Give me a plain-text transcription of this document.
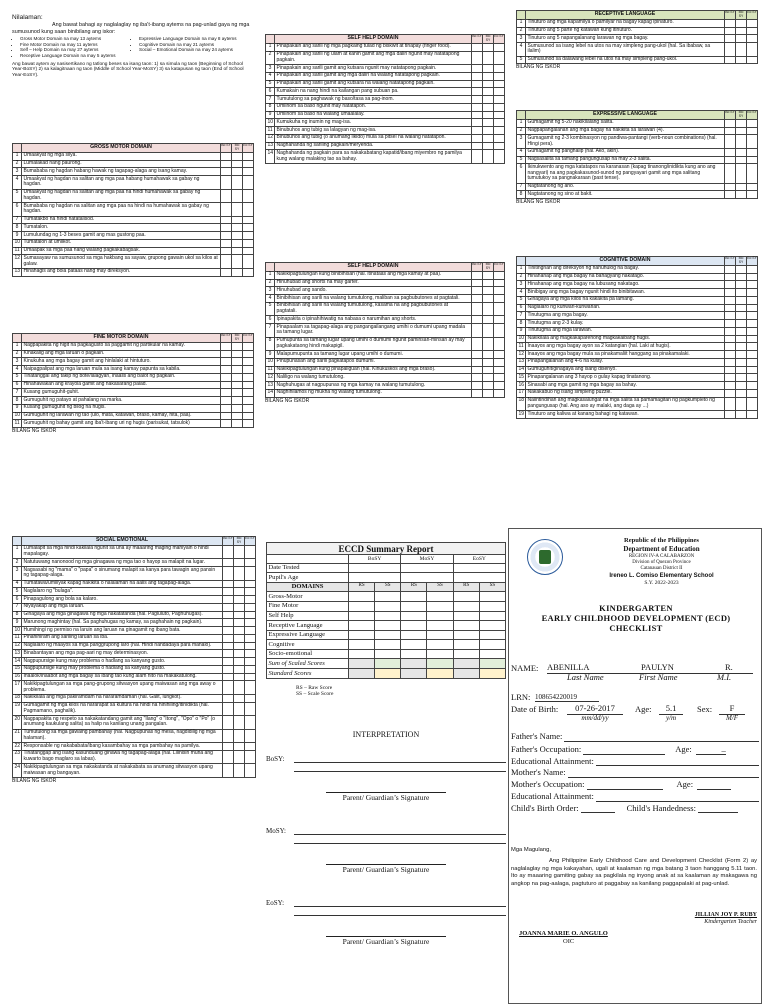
Nilalaman:
Ang bawat bahagi ay naglalaglay ng iba't-ibang aytems na pag-unlad gaya ng mga sumusunod kung saan binibilang ang iskor:
• Gross Motor Domain na may 13 aytems
• Fine Motor Domain na may 11 aytems
• Self – Help Domain na may 27 aytems
• Receptive Language Domain na may 5 aytems
• Expressive Language Domain na may 8 aytems
• Cognitive Domain na may 21 aytems
• Social – Emotional Domain na may 24 aytems
Ang bawat aytem ay nasisertikano ng tatlong beses sa isang taon: 1) sa simula ng taon (Beginning of School Year-BoSY) 2) sa kalagitnaan ng taon (Middle of School Year-MoSY) 3) sa katapusan ng taon (End of School Year-EoSY).
	GROSS MOTOR DOMAIN	Bo SY	Mo SY	Eo SY
1	Umaakyat ng mga silya.			
2	Lumalakad nang paurong.			
3	Bumababa ng hagdan habang hawak ng tagapag-alaga ang isang kamay.			
4	Umaakyat ng hagdan na salitan ang mga paa habang humahawak sa gabay ng hagdan.			
5	Umaakyat ng hagdan na salitan ang mga paa na hindi humahawak sa gabay ng hagdan.			
6	Bumababa ng hagdan na salitan ang mga paa na hindi na humahawak sa gabay ng hagdan.			
7	Tumatakbo na hindi natatalisod.			
8	Tumatalon.			
9	Lumulundag ng 1-3 beses gamit ang mas gustong paa.			
10	Tumatalon at umiikot.			
11	Umaapak sa mga paa nang walang pagkakabagsak.			
12	Sumasayaw na sumusunod sa mga hakbang sa sayaw, grupong gawain ukol sa kilos at galaw.			
13	Hinahagis ang bola pataas nang may direksyon.			
	FINE MOTOR DOMAIN	Bo SY	Mo SY	Eo SY
1	Nagpapakita ng higit na pagkagusto sa paggamit ng partikular na kamay.			
2	Kinakalig ang mga laruan o pagkain.			
3	Kinukuha ang mga bagay gamit ang hinlalaki at hintuturo.			
4	Naipagpalipat ang mga laruan mula sa isang kamay papunta sa kabila.			
5	Tinatanggal ang takip ng bote/lalagyan, inaalis ang balot ng pagkain.			
6	Hinahawakan ang krayola gamit ang nakasarang palad.			
7	Kusang gumuguhit-guhit.			
8	Gumuguhit ng patayo at pahalang na marka.			
9	Kusang gumuguhit ng bilog na hugis.			
10	Gumuguhit ng larawan ng tao (ulo, mata, katawan, braso, kamay, hita, paa).			
11	Gumuguhit ng bahay gamit ang iba't-ibang uri ng hugis (parisukat, tatsulok)			
BILANG NG ISKOR
	SELF HELP DOMAIN	Bo SY	Mo SY	Eo SY
1	Pinapakain ang sarili ng mga pagkaing tulad ng biskwit at tinapay (finger food).			
2	Pinapakain ang sarili ng ulam at kanin gamit ang mga daliri ngunit may natatapong pagkain.			
3	Pinapakain ang sarili gamit ang kutsara ngunit may natatapong pagkain.			
4	Pinapakain ang sarili gamit ang mga daliri na walang natatapong pagkain.			
5	Pinapakain ang sarili gamit ang kutsara na walang natatapong pagkain.			
6	Kumakain na nang hindi na kailangan pang subuan pa.			
7	Tumutulong sa paghawak ng baso/tasa sa pag-inom.			
8	Umiinom sa baso ngunit may natatapon.			
9	Umiinom sa baso na walang umaalalay.			
10	Kumukuha ng inumin ng mag-isa.			
11	Binubuhos ang tubig sa lalagyan ng mag-isa.			
12	Binubuhos ang tubig (o anumang likido) mula sa pitsel na walang natatapon.			
13	Naghahanda ng sariling pagkain/meryenda.			
14	Naghahanda ng pagkain para sa nakakabatang kapatid/ibang miyembro ng pamilya kung walang malaking tao sa bahay.			
	SELF HELP DOMAIN	Bo SY	Mo SY	Eo SY
1	Nakikipagtulungan kung binibihisan (hal. itinataas ang mga kamay at paa).			
2	Hinuhubad ang shorts na may garter.			
3	Hinuhubad ang sando.			
4	Binibihisan ang sarili na walang tumutulong, maliban sa pagbubutones at pagtatali.			
5	Binibihisan ang sarili na walang tumutulong, kasama na ang pagbubutones at pagtatali.			
6	Ipinapakita o ipinahihiwatig na nabasa o narumihan ang shorts.			
7	Pinapaalam sa tagapag-alaga ang pangangailangang umihi o dumumi upang madala sa tamang lugar.			
8	Pumupunta sa tamang lugar upang umihi o dumumi ngunit paminsan-minsan ay may pagkakataong hindi makapigil.			
9	Malapumupunta sa tamang lugar upang umihi o dumumi.			
10	Pinupunasan ang sarili pagkatapos dumumi.			
11	Nakikipagtulungan kung pinapaliguan (hal. Kinukuskos ang mga braso).			
12	Naliligo na walang tumutulong.			
13	Naghuhugas at nagpupunas ng mga kamay na walang tumutulong.			
14	Naghihilamos ng mukha ng walang tumutulong.			
BILANG NG ISKOR
	RECEPTIVE LANGUAGE	Bo SY	Mo SY	Eo SY
1	Tinuturo ang mga kapamilya o pamilyar na bagay kapag ipinaturo.			
2	Tinuturo ang 5 parte ng katawan kung itinuturo.			
3	Tinuturo ang 5 napangalanang larawan ng mga bagay.			
4	Sumusunod sa isang lebel na utos na may simpleng pang-ukol (hal. Sa ibabaw, sa ilalim)			
5	Sumusunod sa dalawang lebel na utos na may simpleng pang-ukol.			
BILANG NG ISKOR
	EXPRESSIVE LANGUAGE	Bo SY	Mo SY	Eo SY
1	Gumagamit ng 5-20 nakikilalang salita.			
2	Nagpapangalanan ang mga bagay na nakikita sa larawan (4).			
3	Gumagamit ng 2-3 kombinasyon ng pandiwa-pantangi (verb-noun combinations) (hal. Hingi pera).			
4	Gumagamit ng panghalip (hal. Ako, akin).			
5	Nagsasalita sa tamang pangungusap na may 2-3 salita.			
6	Ikinukwento ang mga katatapos na karanasan (kapag tinanong/inidikta kung ano ang nangyari) na ang pagkakasunod-sunod ng pangyayari gamit ang mga salitang tumutukoy sa pangnakaraan (past tense).			
7	Nagtatanong ng ano.			
8	Nagtatanong ng sino at bakit.			
BILANG NG ISKOR
	COGNITIVE DOMAIN	Bo SY	Mo SY	Eo SY
1	Tinitingnan ang direksyon ng nahuhulog na bagay.			
2	Hinahanap ang mga bagay na bahagyang nakatago.			
3	Hinahanap ang mga bagay na lubusang nakatago.			
4	Binibigay ang mga bagay ngunit hindi ito binibitawan.			
5	Ginagaya ang mga kilos na kakakita pa lamang.			
6	Naglalaro ng kunwari-kunwarian.			
7	Tinutugma ang mga bagay.			
8	Tinutugma ang 2-3 kulay.			
9	Tinutugma ang mga larawan.			
10	Nakikilala ang magkakaparehong magkakaibang hugis.			
11	Inaayos ang mga bagay ayon sa 2 katangian (hal. Laki at hugis).			
12	Inaayos ang mga bagay mula sa pinakamaliit hanggang sa pinakamalaki.			
13	Pinapangalanan ang 4-6 na kulay.			
14	Gumuguhit/ginagaya ang isang disenyo.			
15	Pinapangalanan ang 3 hayop o gulay kapag tinatanong.			
16	Sinasabi ang mga gamit ng mga bagay sa bahay.			
17	Nakakabuo ng isang simpleng puzzle.			
18	Naiintindihan ang magkasalungat na mga salita sa pamamagitan ng pagkumpleto ng pangungusap (hal. Ang aso ay malaki, ang daga ay ...)			
19	Tinuturo ang kaliwa at kanang bahagi ng katawan.			
	SOCIAL EMOTIONAL	Bo SY	Mo SY	Eo SY
1	Lumalapit sa mga hindi kakilala ngunit sa una ay maaaring maging mahiyain o hindi mapalagay.			
2	Natutuwang nanonood ng mga ginagawa ng mga tao o hayop sa malapit na lugar.			
3	Nagsasabi ng "mama" o "papa" o sinumang malapit sa kanya para tawagin ang pansin ng tagapag-alaga.			
4	Tumatawa/umiiiyak kapag nakikita o nalalaman na aalis ang tagapag-alaga.			
5	Naglalaro ng "bulaga".			
6	Pinapagulong ang bola sa kalaro.			
7	Niyayakap ang mga laruan.			
8	Ginagaya ang mga ginagawa ng mga nakatatanda (hal. Pagluluto, Paghuhugas).			
9	Marunong maghintay (hal. Sa paghuhugas ng kamay, sa paghahain ng pagkain).			
10	Humihingi ng permiso na laruin ang laruan na ginagamit ng ibang bata.			
11	Pinahihiram ang sariling laruan sa iba.			
12	Naglalaro ng maayos sa mga panggrupong laro (hal. Hindi nandadaya para manalo).			
13	Binabantayan ang mga pag-aari ng may determinasyon.			
14	Nagpupursige kung may problema o hadlang sa kanyang gusto.			
15	Nagpupursige kung may problema o hadlang sa kanyang gusto.			
16	Inaalok/inaabot ang mga bagay sa ibang tao kung alam nito na makakatulong.			
17	Nakikipagtulungan sa mga pang-grupong sitwasyon upang maiwasan ang mga away o problema.			
18	Nakikilala ang mga pakiramdam na nararamdaman (hal. Galit, lungkot).			
19	Gumagamit ng mga kilos na nararapat sa kultura na hindi na hinihiling/itinidikta (hal. Pagmamano, paghalik).			
20	Nagpapakita ng respeto sa nakakatandang gamit ang "Ilang" o "Itong", "Opo" o "Po" (o anumang kaukulang salita) sa halip na kanilang unang pangalan.			
21	Tumutulong sa mga gawaing pambahay (hal. Nagpupunas ng mesa, nagdidilig ng mga halaman).			
22	Responsable ng nakababata/ibang kasambahay sa mga pambahay na pamilya.			
23	Tinatanggap ang isang kasunduang ginawa ng tagapag-alaga (hal. Lilinisin muna ang kuwarto bago maglaro sa labas).			
24	Nakikipagtulungan sa mga nakakatanda at nakakabata sa anumang sitwasyon upang maiwasan ang bangayan.			
BILANG NG ISKOR
ECCD Summary Report						
	BoSY		MoSY		EoSY	
Date Tested						
Pupil's Age						
DOMAINS	RS	SS	RS	SS	RS	SS
Gross-Motor						
Fine Motor						
Self Help						
Receptive Language						
Expressive Language						
Cognitive						
Socio-emotional						
Sum of Scaled Scores						
Standard Scores						
RS – Raw Score
SS – Scale Score
INTERPRETATION
BoSY:
Parent/ Guardian’s Signature
MoSY:
Parent/ Guardian’s Signature
EoSY:
Parent/ Guardian’s Signature
Republic of the Philippines
Department of Education
REGION IV-A CALABARZON
Division of Quezon Province
Catanauan District II
Ireneo L. Comiso Elementary School
S.Y. 2022-2023
KINDERGARTEN
EARLY CHILDHOOD DEVELOPMENT (ECD)
CHECKLIST
NAME:	ABENILLA	PAULYN	R.
Last Name	First Name	M.I.
LRN: 108654220019
Date of Birth:	07-26-2017	Age:	5.1	Sex:	F
mm/dd/yy	y/m	M/F
Father's Name:
Father's Occupation:	Age:	_
Educational Attainment:
Mother's Name:
Mother's Occupation:	Age:
Educational Attainment:
Child's Birth Order:	Child's Handedness:
Mga Magulang,
Ang Philippine Early Childhood Care and Development Checklist (Form 2) ay naglalaglay ng mga kakayahan, ugali at kaalaman ng mga batang 3 taon hanggang 5.11 taon. Ito ay maaaring gamiting gabay sa pagkilala ng inyong anak at sa kaalaman ay makagawa ng angkop na pag-aalaga, pagtuturo at paggabay sa kanilang paggapalaki at pag-unlad.
JILLIAN JOY P. RUBY
Kindergarten Teacher
JOANNA MARIE O. ANGULO
OIC
